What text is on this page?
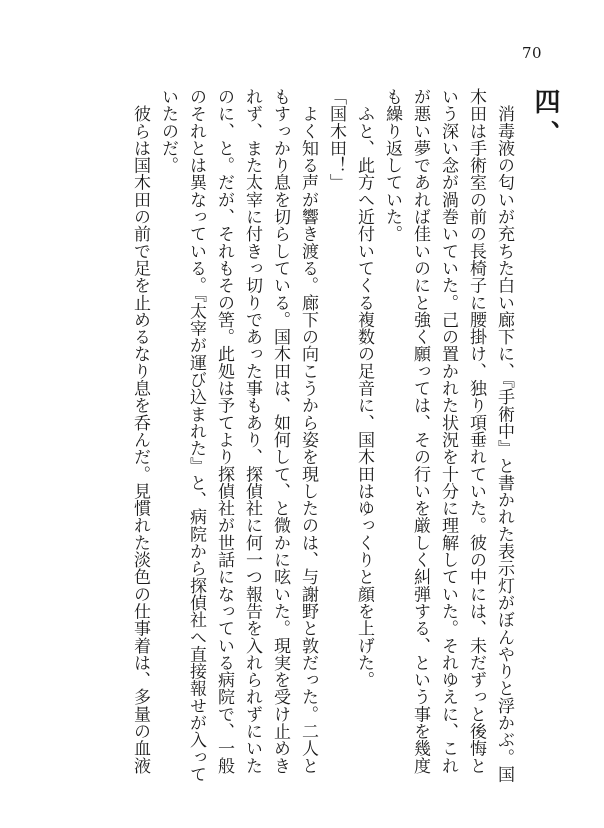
70
四、
　消毒液の匂いが充ちた白い廊下に、『手術中』と書かれた表示灯がぼんやりと浮かぶ。国
木田は手術室の前の長椅子に腰掛け、独り項垂れていた。彼の中には、未だずっと後悔と
いう深い念が渦巻いていた。己の置かれた状況を十分に理解していた。それゆえに、これ
が悪い夢であれば佳いのにと強く願っては、その行いを厳しく糾弾する、という事を幾度
も繰り返していた。
　ふと、此方へ近付いてくる複数の足音に、国木田はゆっくりと顔を上げた。
「国木田！」
　よく知る声が響き渡る。廊下の向こうから姿を現したのは、与謝野と敦だった。二人と
もすっかり息を切らしている。国木田は、如何して、と微かに呟いた。現実を受け止めき
れず、また太宰に付きっ切りであった事もあり、探偵社に何一つ報告を入れられずにいた
のに、と。だが、それもその筈。此処は予てより探偵社が世話になっている病院で、一般
のそれとは異なっている。『太宰が運び込まれた』と、病院から探偵社へ直接報せが入って
いたのだ。
　彼らは国木田の前で足を止めるなり息を呑んだ。見慣れた淡色の仕事着は、多量の血液
